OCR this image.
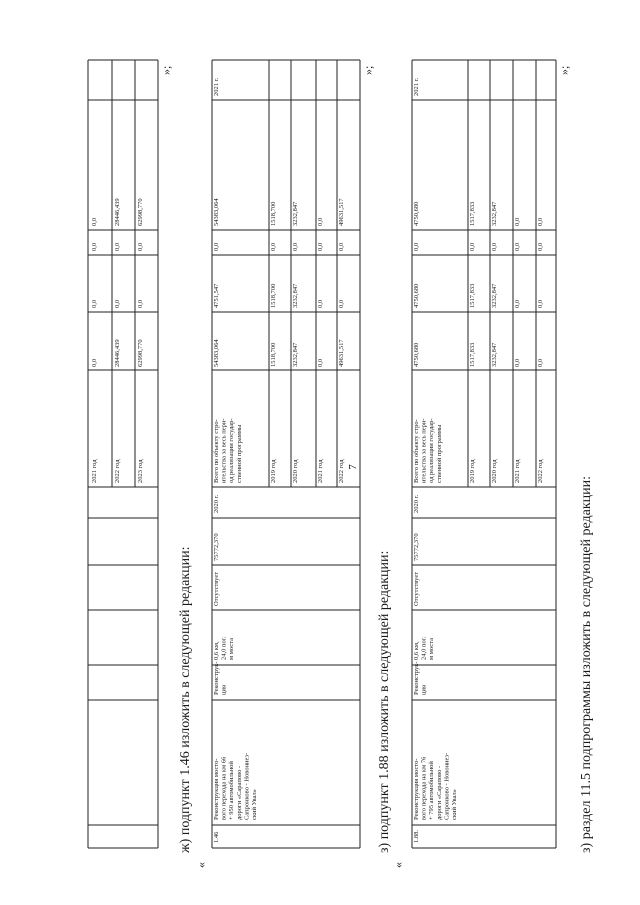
7
2021 год
0,0
0,0
0,0
0,0
2022 год
28446,439
0,0
0,0
28446,439
2023 год
62998,770
0,0
0,0
62998,770
»;
ж) подпункт 1.46 изложить в следующей редакции:
«
1.46
Реконструкция мосто-вого перехода на км 66+ 950 автомобильнойдороги «Сарапово -Сапронково - Новониез-ский Увал»
Реконструк-ция
0,6 км,24,0 пог.м моста
Отсутствует
75772,370
2020 г.
Всего по объекту стро-ительства за весь пери-од реализации государ-ственной программы
54383,064
4751,547
0,0
54383,064
2021 г.
2019 год
1518,700
1518,700
0,0
1518,700
2020 год
3232,847
3232,847
0,0
3232,847
2021 год
0,0
0,0
0,0
0,0
2022 год
49631,517
0,0
0,0
49631,517
»;
з) подпункт 1.88 изложить в следующей редакции:
«
1.88.
Реконструкция мосто-вого перехода на км 76+ 795 автомобильнойдороги «Сарапово -Сапронково - Новониез-ский Увал»
Реконструк-ция
0,6 км,24,0 пог.м моста
Отсутствует
75772,370
2020 г.
Всего по объекту стро-ительства за весь пери-од реализации государ-ственной программы
4750,680
4750,680
0,0
4750,680
2021 г.
2019 год
1517,833
1517,833
0,0
1517,833
2020 год
3232,847
3232,847
0,0
3232,847
2021 год
0,0
0,0
0,0
0,0
2022 год
0,0
0,0
0,0
0,0
»;
з) раздел 11.5 подпрограммы изложить в следующей редакции:
